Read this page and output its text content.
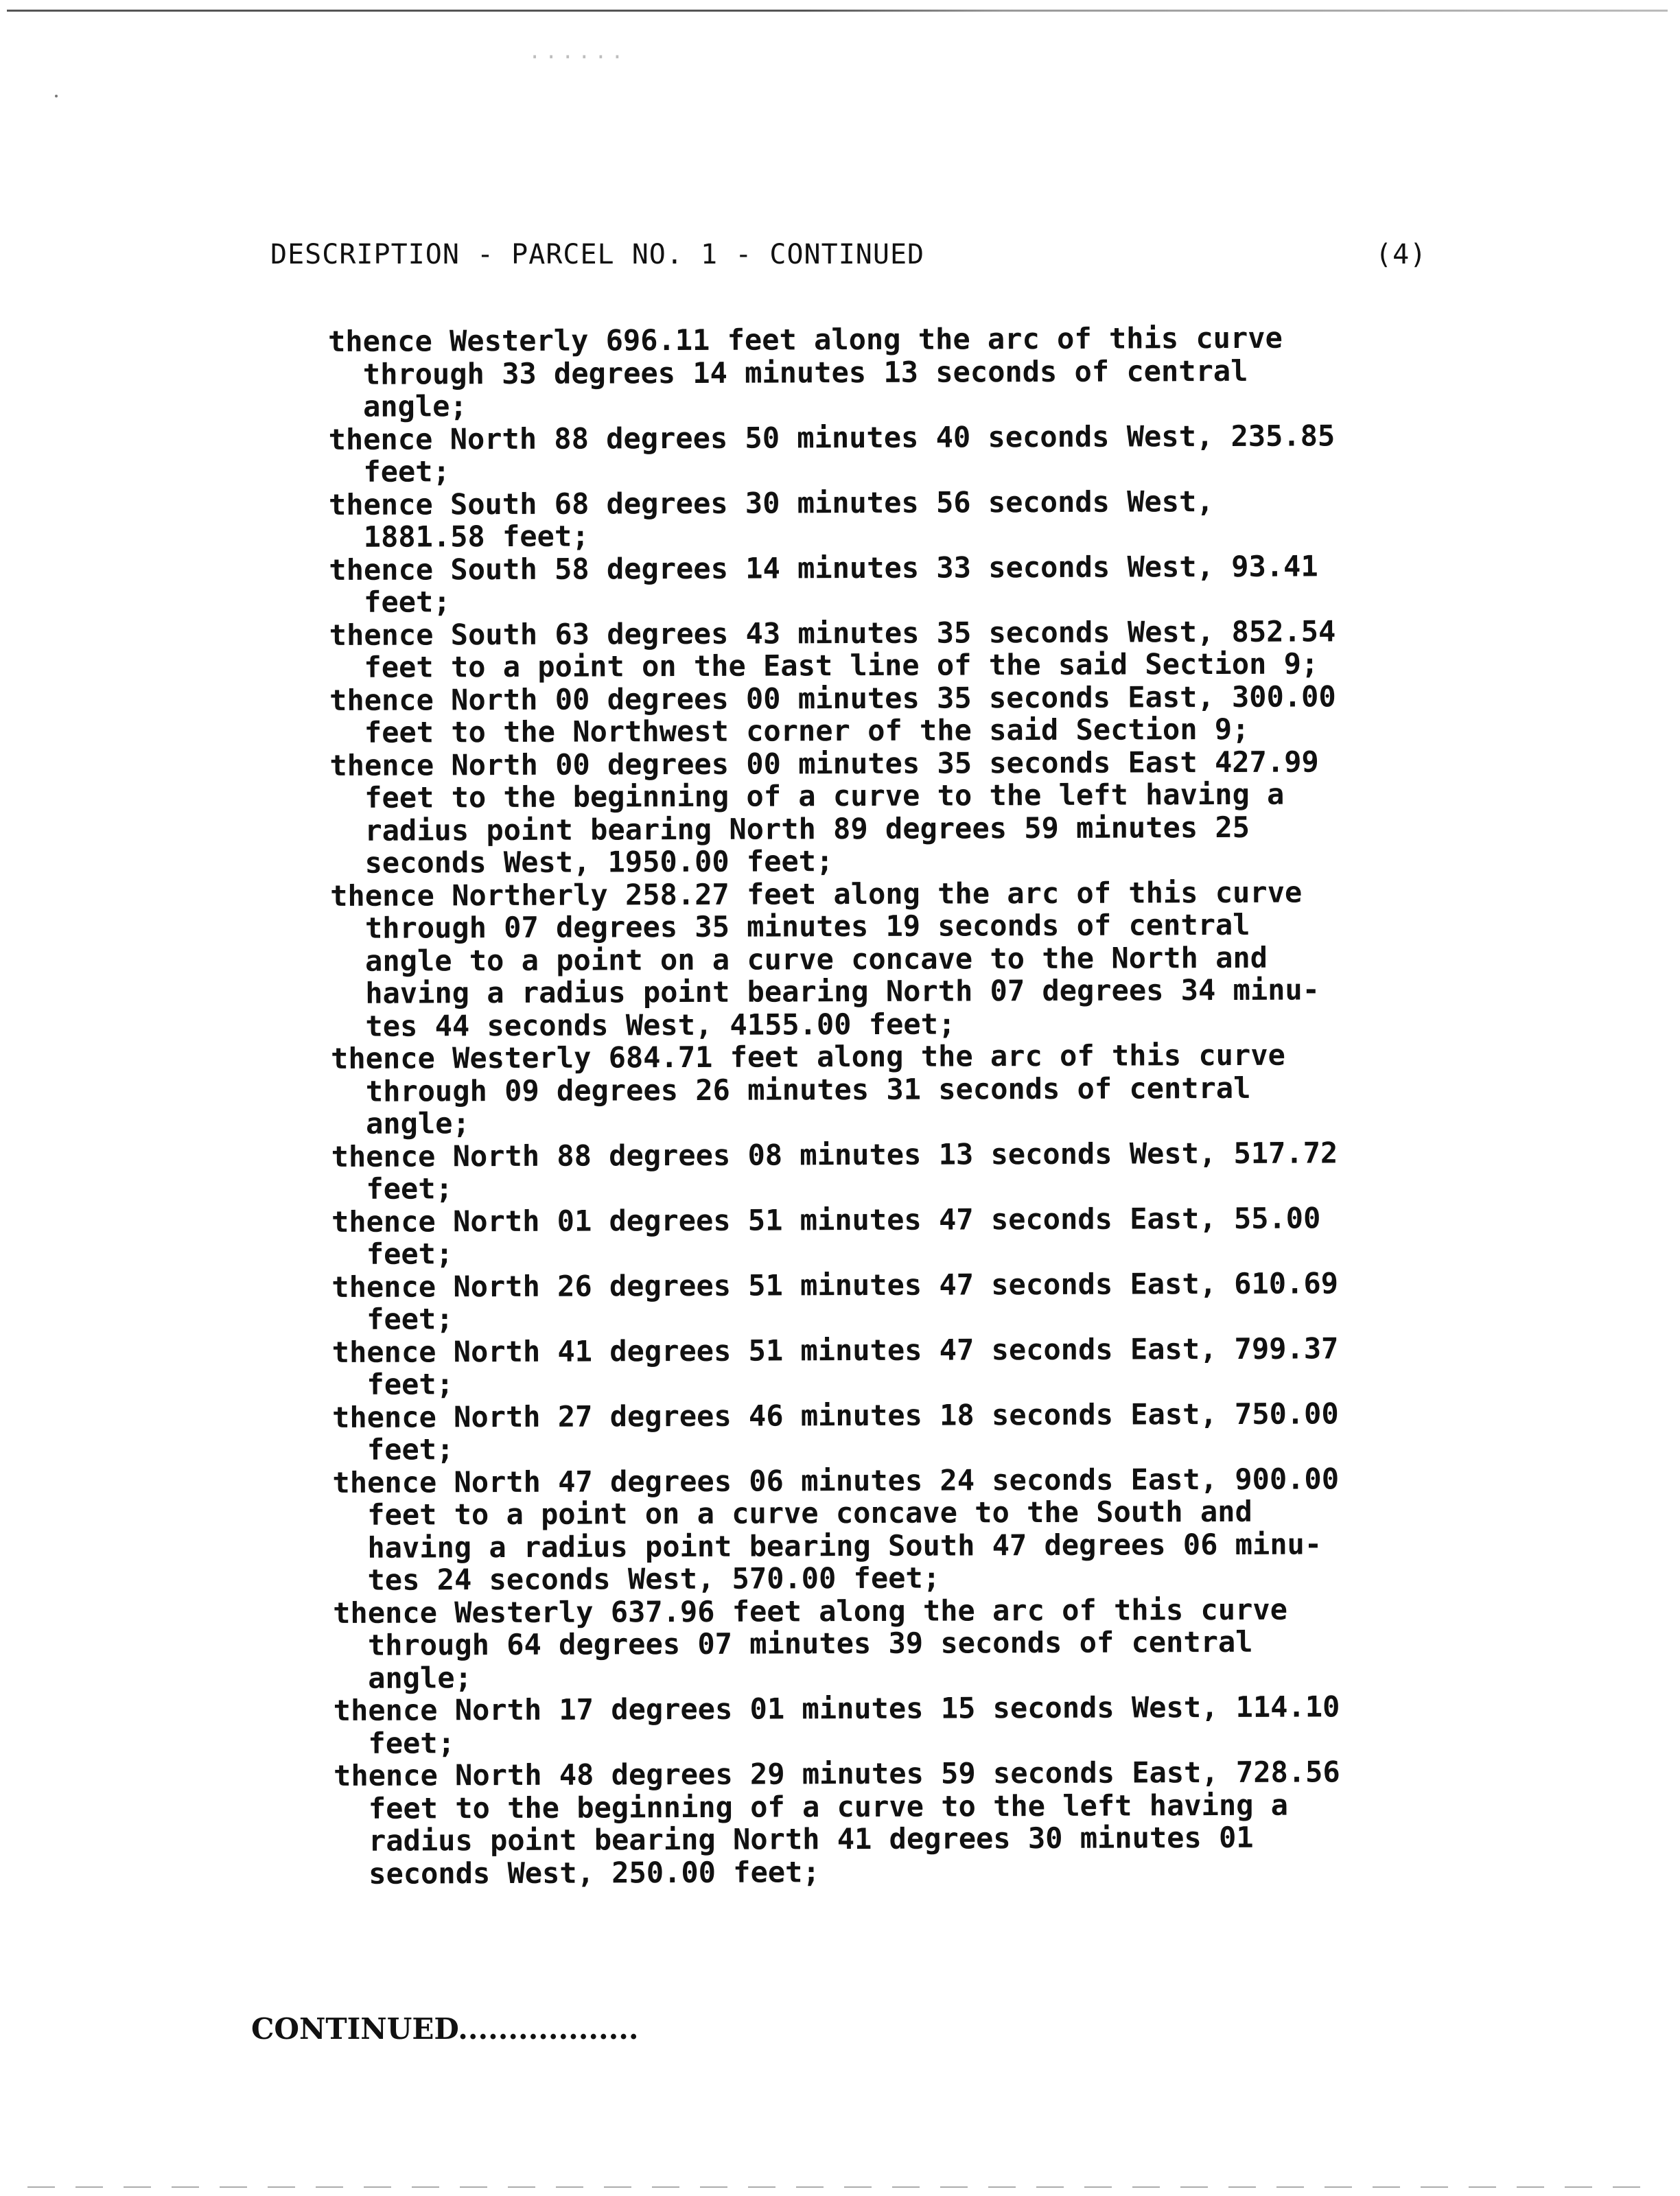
⋅⋅⋅⋅⋅⋅
DESCRIPTION - PARCEL NO. 1 - CONTINUED	(4)
thence Westerly 696.11 feet along the arc of this curve
through 33 degrees 14 minutes 13 seconds of central
angle;
thence North 88 degrees 50 minutes 40 seconds West, 235.85
feet;
thence South 68 degrees 30 minutes 56 seconds West,
1881.58 feet;
thence South 58 degrees 14 minutes 33 seconds West, 93.41
feet;
thence South 63 degrees 43 minutes 35 seconds West, 852.54
feet to a point on the East line of the said Section 9;
thence North 00 degrees 00 minutes 35 seconds East, 300.00
feet to the Northwest corner of the said Section 9;
thence North 00 degrees 00 minutes 35 seconds East 427.99
feet to the beginning of a curve to the left having a
radius point bearing North 89 degrees 59 minutes 25
seconds West, 1950.00 feet;
thence Northerly 258.27 feet along the arc of this curve
through 07 degrees 35 minutes 19 seconds of central
angle to a point on a curve concave to the North and
having a radius point bearing North 07 degrees 34 minu-
tes 44 seconds West, 4155.00 feet;
thence Westerly 684.71 feet along the arc of this curve
through 09 degrees 26 minutes 31 seconds of central
angle;
thence North 88 degrees 08 minutes 13 seconds West, 517.72
feet;
thence North 01 degrees 51 minutes 47 seconds East, 55.00
feet;
thence North 26 degrees 51 minutes 47 seconds East, 610.69
feet;
thence North 41 degrees 51 minutes 47 seconds East, 799.37
feet;
thence North 27 degrees 46 minutes 18 seconds East, 750.00
feet;
thence North 47 degrees 06 minutes 24 seconds East, 900.00
feet to a point on a curve concave to the South and
having a radius point bearing South 47 degrees 06 minu-
tes 24 seconds West, 570.00 feet;
thence Westerly 637.96 feet along the arc of this curve
through 64 degrees 07 minutes 39 seconds of central
angle;
thence North 17 degrees 01 minutes 15 seconds West, 114.10
feet;
thence North 48 degrees 29 minutes 59 seconds East, 728.56
feet to the beginning of a curve to the left having a
radius point bearing North 41 degrees 30 minutes 01
seconds West, 250.00 feet;
CONTINUED..................
